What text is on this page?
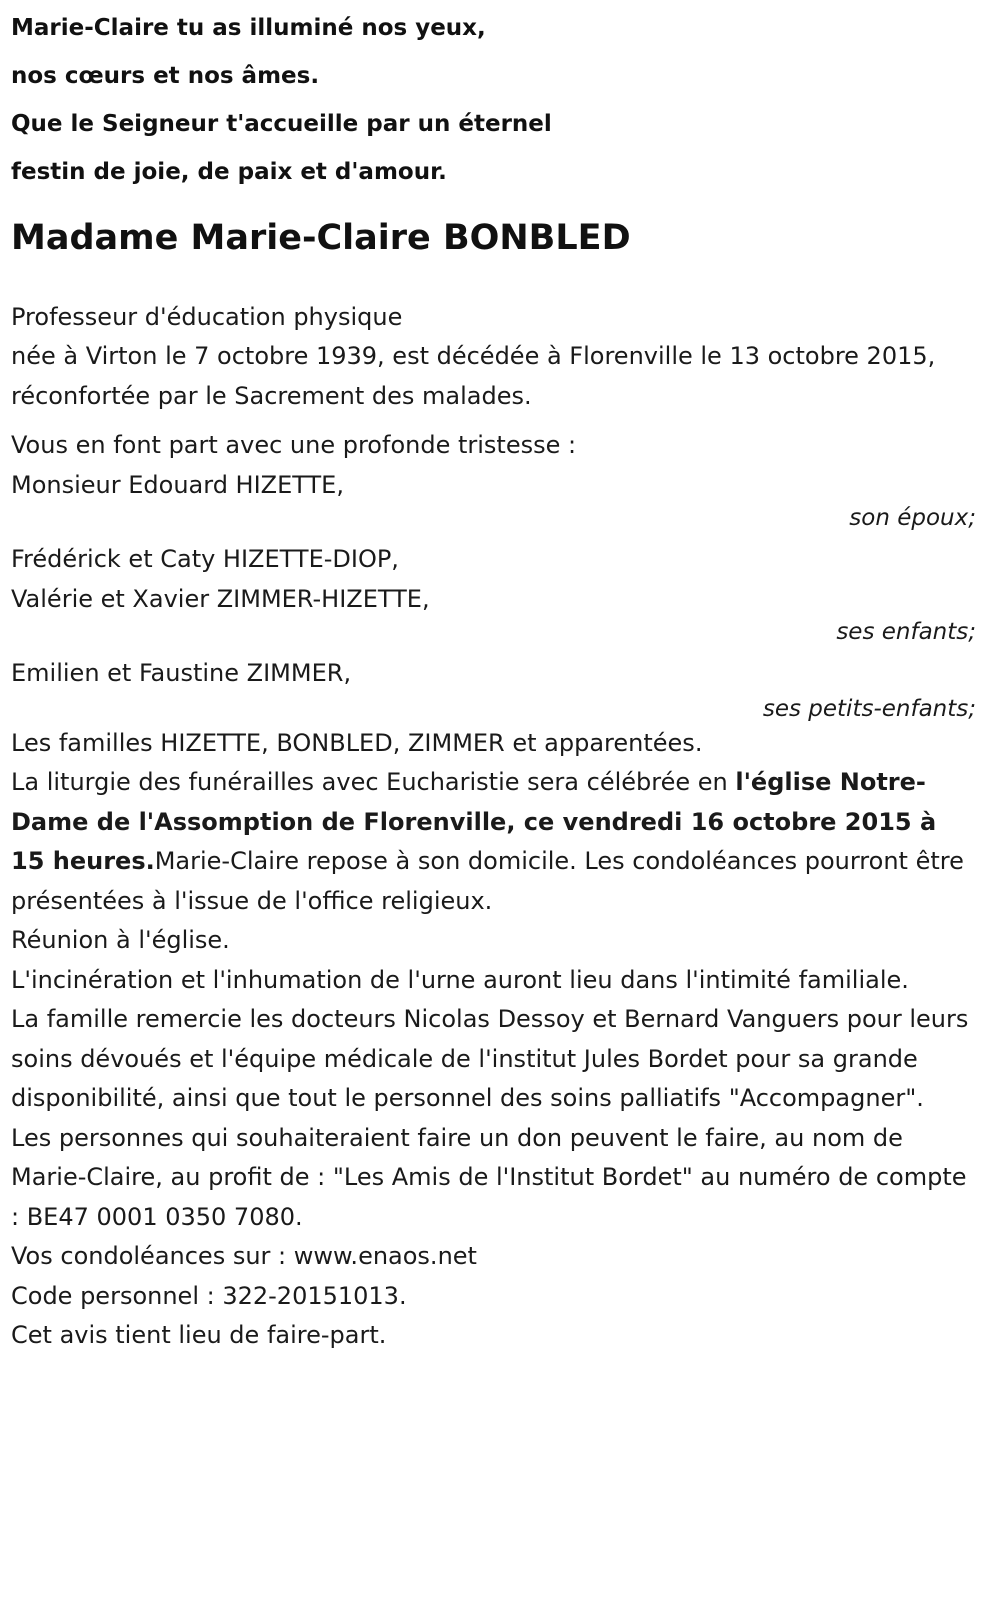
Marie-Claire tu as illuminé nos yeux,
nos cœurs et nos âmes.
Que le Seigneur t'accueille par un éternel
festin de joie, de paix et d'amour.
Madame Marie-Claire BONBLED

Professeur d'éducation physique

née à Virton le 7 octobre 1939, est décédée à Florenville le 13 octobre 2015, réconfortée par le Sacrement des malades.

Vous en font part avec une profonde tristesse :

Monsieur Edouard HIZETTE,

son époux;

Frédérick et Caty HIZETTE-DIOP,

Valérie et Xavier ZIMMER-HIZETTE,

ses enfants;

Emilien et Faustine ZIMMER,

ses petits-enfants;

Les familles HIZETTE, BONBLED, ZIMMER et apparentées.

La liturgie des funérailles avec Eucharistie sera célébrée en l'église Notre-Dame de l'Assomption de Florenville, ce vendredi 16 octobre 2015 à 15 heures.Marie-Claire repose à son domicile. Les condoléances pourront être présentées à l'issue de l'office religieux.

Réunion à l'église.

L'incinération et l'inhumation de l'urne auront lieu dans l'intimité familiale.

La famille remercie les docteurs Nicolas Dessoy et Bernard Vanguers pour leurs soins dévoués et l'équipe médicale de l'institut Jules Bordet pour sa grande disponibilité, ainsi que tout le personnel des soins palliatifs "Accompagner".

Les personnes qui souhaiteraient faire un don peuvent le faire, au nom de Marie-Claire, au profit de : "Les Amis de l'Institut Bordet" au numéro de compte : BE47 0001 0350 7080.

Vos condoléances sur : www.enaos.net

Code personnel : 322-20151013.

Cet avis tient lieu de faire-part.
